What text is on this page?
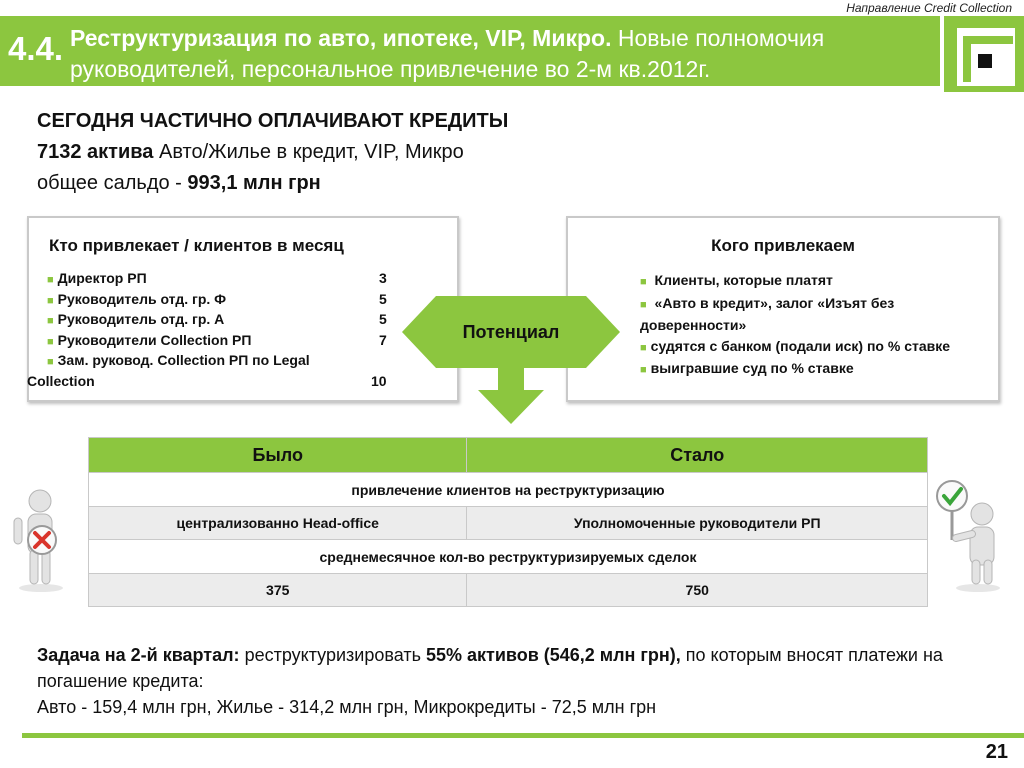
Направление Credit Collection
4.4. Реструктуризация по авто, ипотеке, VIP, Микро. Новые полномочия руководителей, персональное привлечение во 2-м кв.2012г.
СЕГОДНЯ ЧАСТИЧНО ОПЛАЧИВАЮТ КРЕДИТЫ
7132 актива Авто/Жилье в кредит, VIP, Микро
общее сальдо - 993,1 млн грн
Кто привлекает / клиентов в месяц
■ Директор РП	3
■ Руководитель отд. гр. Ф	5
■ Руководитель отд. гр. А	5
■ Руководители Collection РП	7
■ Зам. руковод. Collection РП по Legal
Collection	10
Кого привлекаем
■ Клиенты, которые платят
■ «Авто в кредит», залог «Изъят без доверенности»
■ судятся с банком (подали иск) по % ставке
■ выигравшие суд по % ставке
Потенциал
Было	Стало
привлечение клиентов на реструктуризацию	
централизованно Head-office	Уполномоченные руководители РП
среднемесячное кол-во реструктуризируемых сделок	
375	750
Задача на 2-й квартал: реструктуризировать 55% активов (546,2 млн грн), по которым вносят платежи на погашение кредита:
Авто - 159,4 млн грн, Жилье - 314,2 млн грн, Микрокредиты - 72,5 млн грн
21
